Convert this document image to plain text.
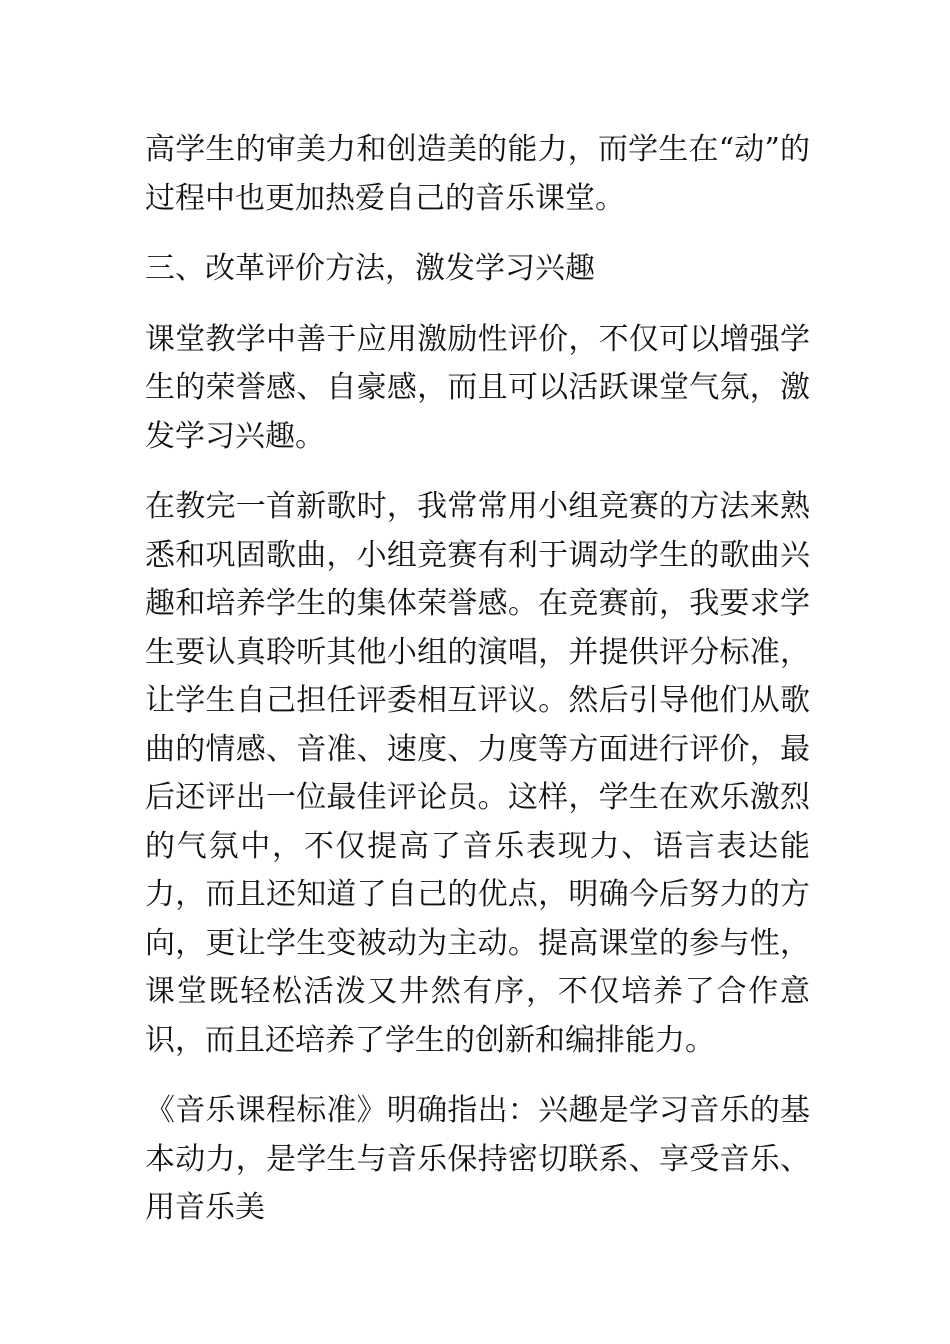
高学生的审美力和创造美的能力，而学生在“动”的过程中也更加热爱自己的音乐课堂。

三、改革评价方法，激发学习兴趣

课堂教学中善于应用激励性评价，不仅可以增强学生的荣誉感、自豪感，而且可以活跃课堂气氛，激发学习兴趣。

在教完一首新歌时，我常常用小组竞赛的方法来熟悉和巩固歌曲，小组竞赛有利于调动学生的歌曲兴趣和培养学生的集体荣誉感。在竞赛前，我要求学生要认真聆听其他小组的演唱，并提供评分标准，让学生自己担任评委相互评议。然后引导他们从歌曲的情感、音准、速度、力度等方面进行评价，最后还评出一位最佳评论员。这样，学生在欢乐激烈的气氛中，不仅提高了音乐表现力、语言表达能力，而且还知道了自己的优点，明确今后努力的方向，更让学生变被动为主动。提高课堂的参与性，课堂既轻松活泼又井然有序，不仅培养了合作意识，而且还培养了学生的创新和编排能力。

《音乐课程标准》明确指出：兴趣是学习音乐的基本动力，是学生与音乐保持密切联系、享受音乐、用音乐美
